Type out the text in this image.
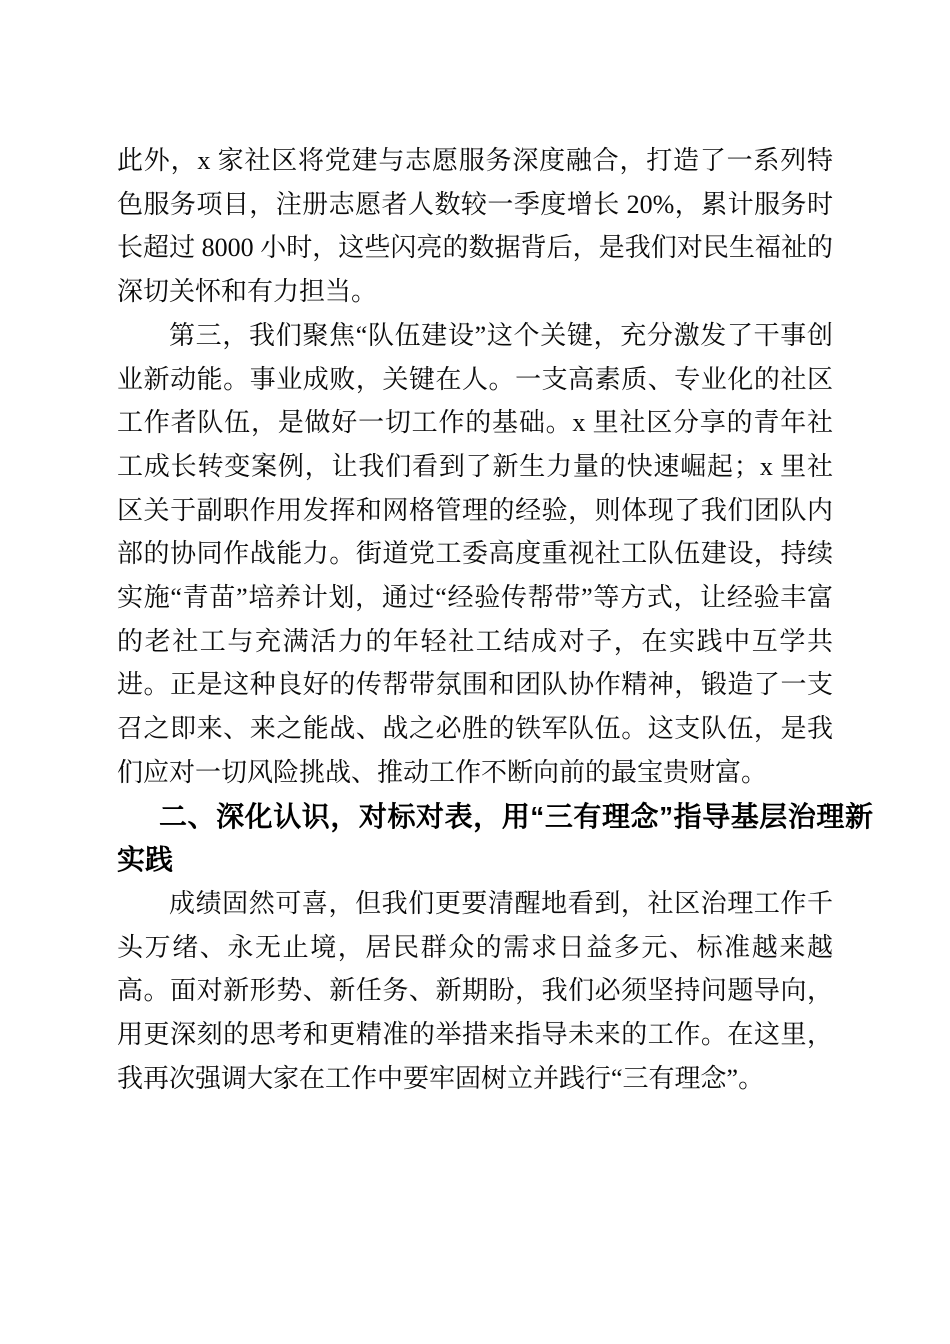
此外，x 家社区将党建与志愿服务深度融合，打造了一系列特色服务项目，注册志愿者人数较一季度增长 20%，累计服务时长超过 8000 小时，这些闪亮的数据背后，是我们对民生福祉的深切关怀和有力担当。

第三，我们聚焦“队伍建设”这个关键，充分激发了干事创业新动能。事业成败，关键在人。一支高素质、专业化的社区工作者队伍，是做好一切工作的基础。x 里社区分享的青年社工成长转变案例，让我们看到了新生力量的快速崛起；x 里社区关于副职作用发挥和网格管理的经验，则体现了我们团队内部的协同作战能力。街道党工委高度重视社工队伍建设，持续实施“青苗”培养计划，通过“经验传帮带”等方式，让经验丰富的老社工与充满活力的年轻社工结成对子，在实践中互学共进。正是这种良好的传帮带氛围和团队协作精神，锻造了一支召之即来、来之能战、战之必胜的铁军队伍。这支队伍，是我们应对一切风险挑战、推动工作不断向前的最宝贵财富。

二、深化认识，对标对表，用“三有理念”指导基层治理新实践

成绩固然可喜，但我们更要清醒地看到，社区治理工作千头万绪、永无止境，居民群众的需求日益多元、标准越来越高。面对新形势、新任务、新期盼，我们必须坚持问题导向，用更深刻的思考和更精准的举措来指导未来的工作。在这里，我再次强调大家在工作中要牢固树立并践行“三有理念”。
